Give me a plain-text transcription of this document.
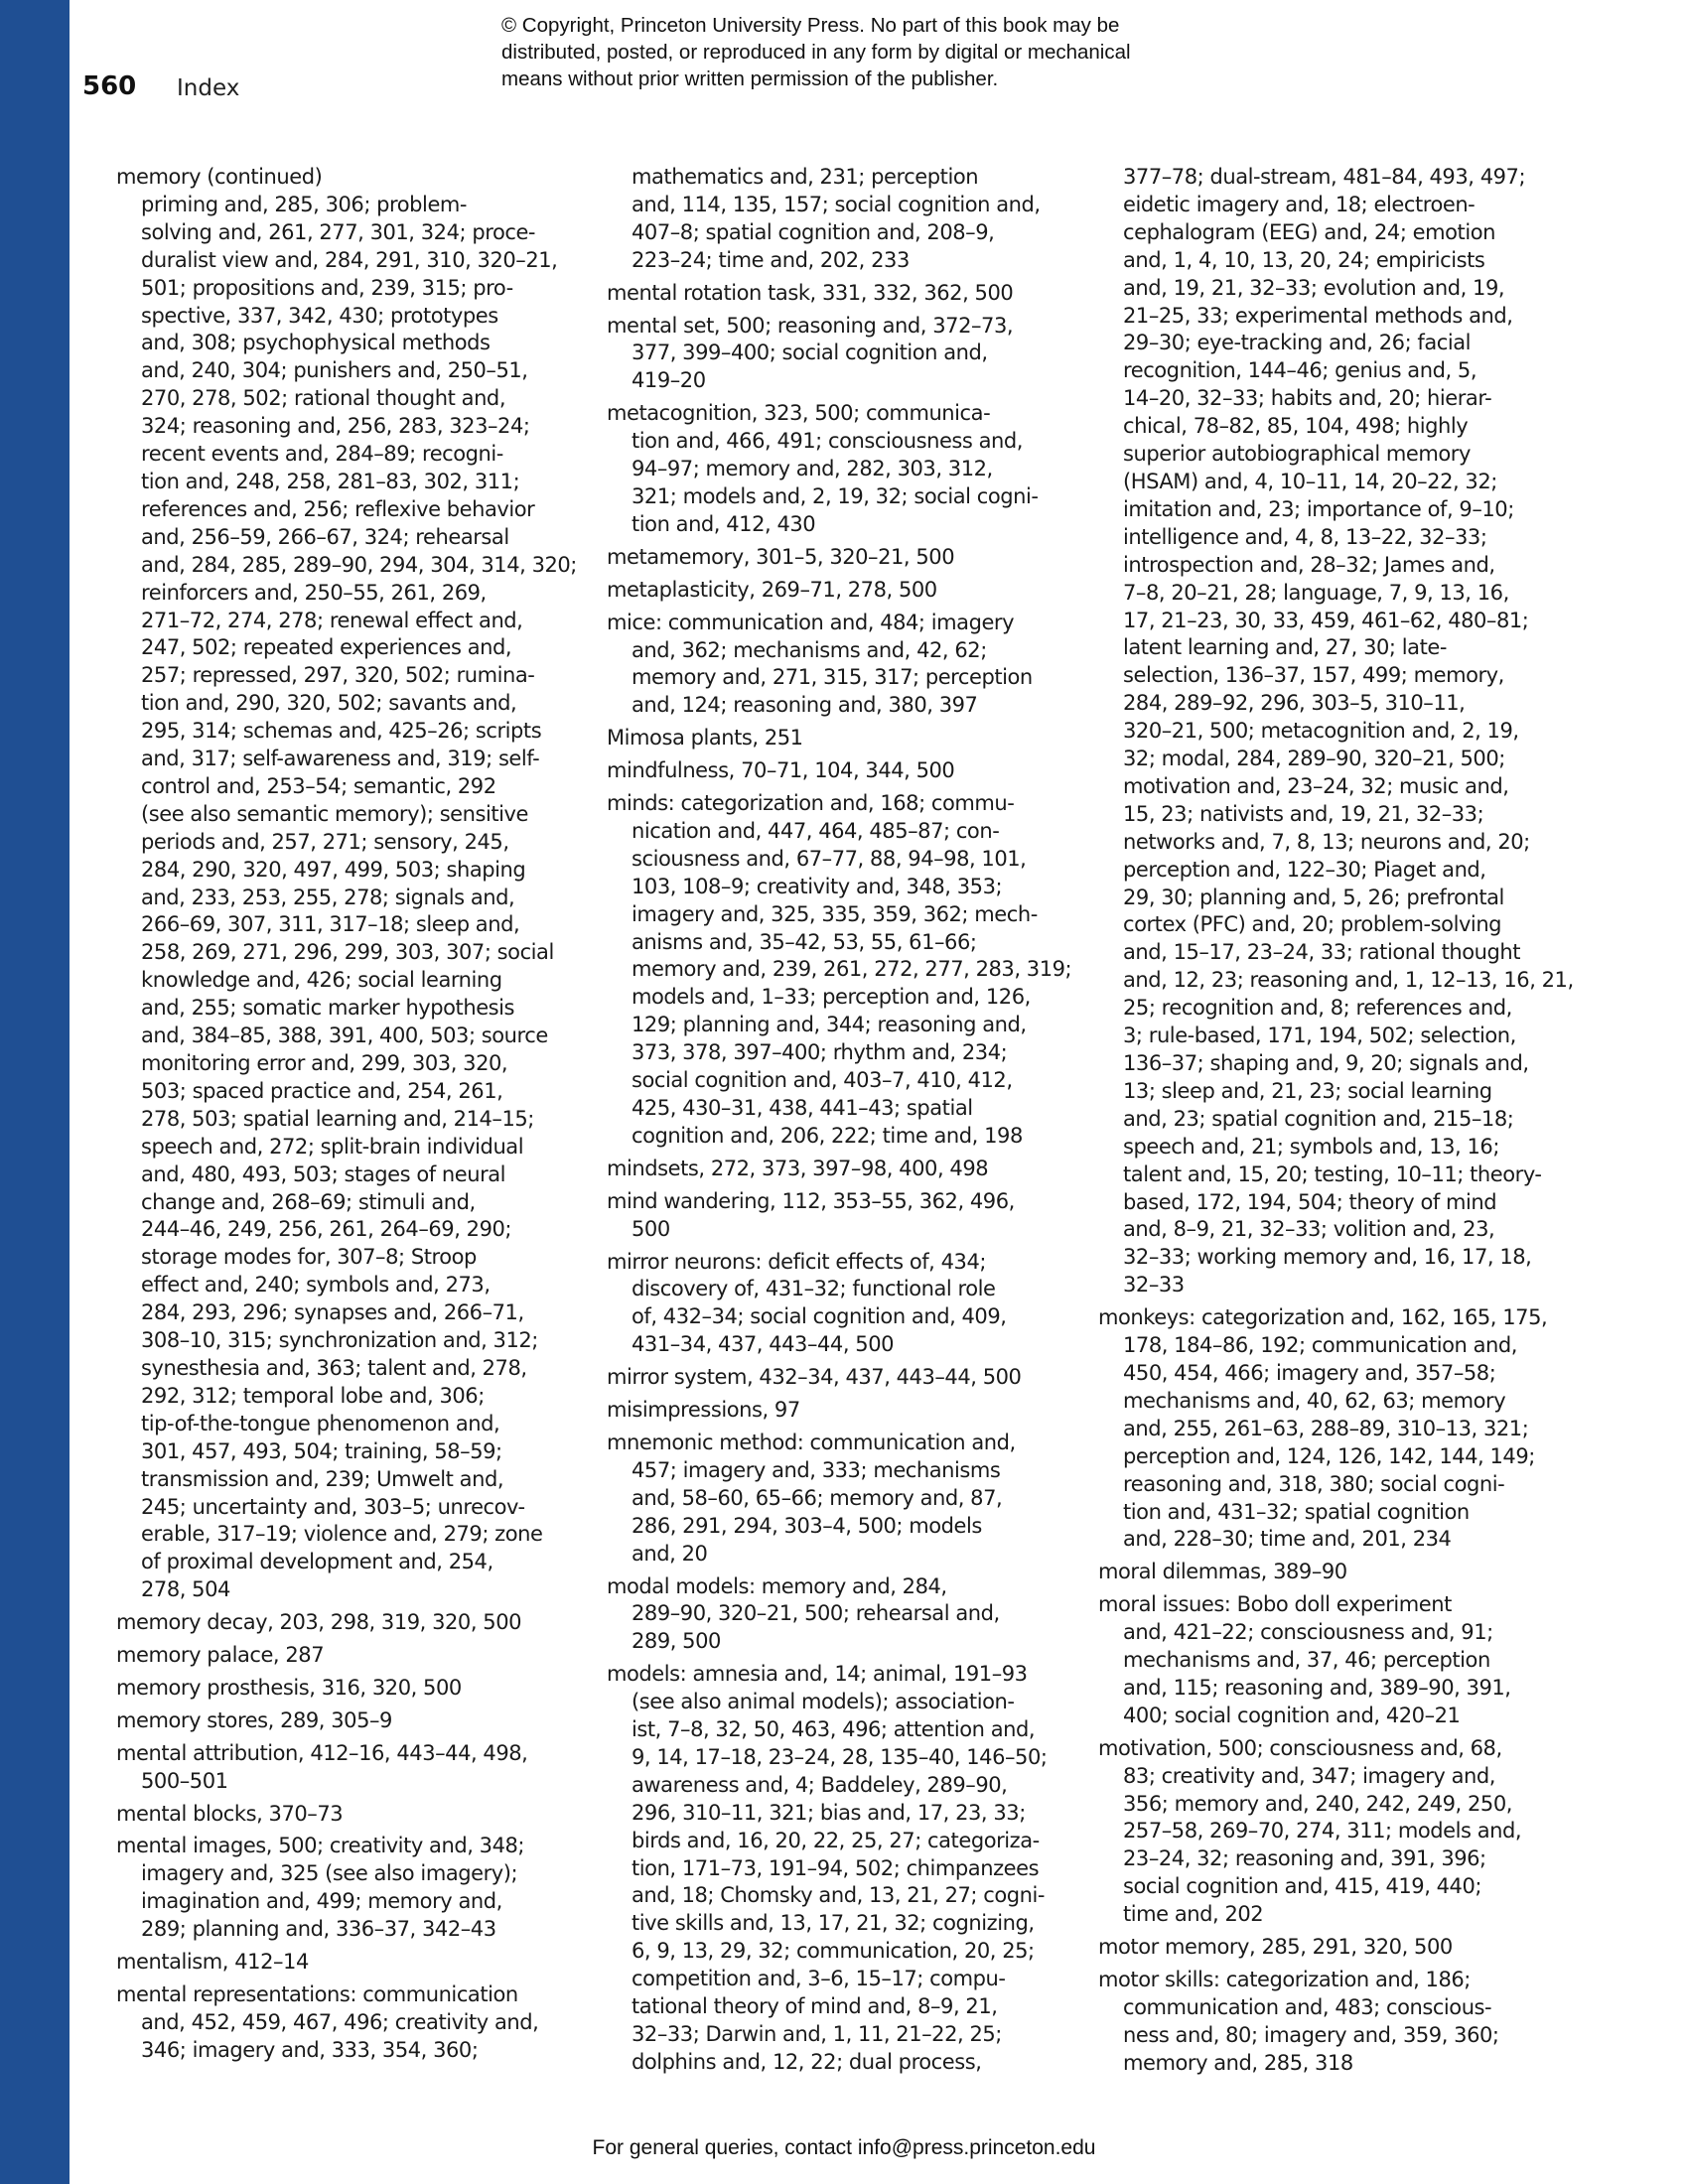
© Copyright, Princeton University Press. No part of this book may be
distributed, posted, or reproduced in any form by digital or mechanical
means without prior written permission of the publisher.
560 Index
memory (continued)
priming and, 285, 306; problem-
solving and, 261, 277, 301, 324; proce-
duralist view and, 284, 291, 310, 320–21,
501; propositions and, 239, 315; pro-
spective, 337, 342, 430; prototypes
and, 308; psychophysical methods
and, 240, 304; punishers and, 250–51,
270, 278, 502; rational thought and,
324; reasoning and, 256, 283, 323–24;
recent events and, 284–89; recogni-
tion and, 248, 258, 281–83, 302, 311;
references and, 256; reflexive behavior
and, 256–59, 266–67, 324; rehearsal
and, 284, 285, 289–90, 294, 304, 314, 320;
reinforcers and, 250–55, 261, 269,
271–72, 274, 278; renewal effect and,
247, 502; repeated experiences and,
257; repressed, 297, 320, 502; rumina-
tion and, 290, 320, 502; savants and,
295, 314; schemas and, 425–26; scripts
and, 317; self-awareness and, 319; self-
control and, 253–54; semantic, 292
(see also semantic memory); sensitive
periods and, 257, 271; sensory, 245,
284, 290, 320, 497, 499, 503; shaping
and, 233, 253, 255, 278; signals and,
266–69, 307, 311, 317–18; sleep and,
258, 269, 271, 296, 299, 303, 307; social
knowledge and, 426; social learning
and, 255; somatic marker hypothesis
and, 384–85, 388, 391, 400, 503; source
monitoring error and, 299, 303, 320,
503; spaced practice and, 254, 261,
278, 503; spatial learning and, 214–15;
speech and, 272; split-brain individual
and, 480, 493, 503; stages of neural
change and, 268–69; stimuli and,
244–46, 249, 256, 261, 264–69, 290;
storage modes for, 307–8; Stroop
effect and, 240; symbols and, 273,
284, 293, 296; synapses and, 266–71,
308–10, 315; synchronization and, 312;
synesthesia and, 363; talent and, 278,
292, 312; temporal lobe and, 306;
tip-of-the-tongue phenomenon and,
301, 457, 493, 504; training, 58–59;
transmission and, 239; Umwelt and,
245; uncertainty and, 303–5; unrecov-
erable, 317–19; violence and, 279; zone
of proximal development and, 254,
278, 504
memory decay, 203, 298, 319, 320, 500
memory palace, 287
memory prosthesis, 316, 320, 500
memory stores, 289, 305–9
mental attribution, 412–16, 443–44, 498,
500–501
mental blocks, 370–73
mental images, 500; creativity and, 348;
imagery and, 325 (see also imagery);
imagination and, 499; memory and,
289; planning and, 336–37, 342–43
mentalism, 412–14
mental representations: communication
and, 452, 459, 467, 496; creativity and,
346; imagery and, 333, 354, 360;
mathematics and, 231; perception
and, 114, 135, 157; social cognition and,
407–8; spatial cognition and, 208–9,
223–24; time and, 202, 233
mental rotation task, 331, 332, 362, 500
mental set, 500; reasoning and, 372–73,
377, 399–400; social cognition and,
419–20
metacognition, 323, 500; communica-
tion and, 466, 491; consciousness and,
94–97; memory and, 282, 303, 312,
321; models and, 2, 19, 32; social cogni-
tion and, 412, 430
metamemory, 301–5, 320–21, 500
metaplasticity, 269–71, 278, 500
mice: communication and, 484; imagery
and, 362; mechanisms and, 42, 62;
memory and, 271, 315, 317; perception
and, 124; reasoning and, 380, 397
Mimosa plants, 251
mindfulness, 70–71, 104, 344, 500
minds: categorization and, 168; commu-
nication and, 447, 464, 485–87; con-
sciousness and, 67–77, 88, 94–98, 101,
103, 108–9; creativity and, 348, 353;
imagery and, 325, 335, 359, 362; mech-
anisms and, 35–42, 53, 55, 61–66;
memory and, 239, 261, 272, 277, 283, 319;
models and, 1–33; perception and, 126,
129; planning and, 344; reasoning and,
373, 378, 397–400; rhythm and, 234;
social cognition and, 403–7, 410, 412,
425, 430–31, 438, 441–43; spatial
cognition and, 206, 222; time and, 198
mindsets, 272, 373, 397–98, 400, 498
mind wandering, 112, 353–55, 362, 496,
500
mirror neurons: deficit effects of, 434;
discovery of, 431–32; functional role
of, 432–34; social cognition and, 409,
431–34, 437, 443–44, 500
mirror system, 432–34, 437, 443–44, 500
misimpressions, 97
mnemonic method: communication and,
457; imagery and, 333; mechanisms
and, 58–60, 65–66; memory and, 87,
286, 291, 294, 303–4, 500; models
and, 20
modal models: memory and, 284,
289–90, 320–21, 500; rehearsal and,
289, 500
models: amnesia and, 14; animal, 191–93
(see also animal models); association-
ist, 7–8, 32, 50, 463, 496; attention and,
9, 14, 17–18, 23–24, 28, 135–40, 146–50;
awareness and, 4; Baddeley, 289–90,
296, 310–11, 321; bias and, 17, 23, 33;
birds and, 16, 20, 22, 25, 27; categoriza-
tion, 171–73, 191–94, 502; chimpanzees
and, 18; Chomsky and, 13, 21, 27; cogni-
tive skills and, 13, 17, 21, 32; cognizing,
6, 9, 13, 29, 32; communication, 20, 25;
competition and, 3–6, 15–17; compu-
tational theory of mind and, 8–9, 21,
32–33; Darwin and, 1, 11, 21–22, 25;
dolphins and, 12, 22; dual process,
377–78; dual-stream, 481–84, 493, 497;
eidetic imagery and, 18; electroen-
cephalogram (EEG) and, 24; emotion
and, 1, 4, 10, 13, 20, 24; empiricists
and, 19, 21, 32–33; evolution and, 19,
21–25, 33; experimental methods and,
29–30; eye-tracking and, 26; facial
recognition, 144–46; genius and, 5,
14–20, 32–33; habits and, 20; hierar-
chical, 78–82, 85, 104, 498; highly
superior autobiographical memory
(HSAM) and, 4, 10–11, 14, 20–22, 32;
imitation and, 23; importance of, 9–10;
intelligence and, 4, 8, 13–22, 32–33;
introspection and, 28–32; James and,
7–8, 20–21, 28; language, 7, 9, 13, 16,
17, 21–23, 30, 33, 459, 461–62, 480–81;
latent learning and, 27, 30; late-
selection, 136–37, 157, 499; memory,
284, 289–92, 296, 303–5, 310–11,
320–21, 500; metacognition and, 2, 19,
32; modal, 284, 289–90, 320–21, 500;
motivation and, 23–24, 32; music and,
15, 23; nativists and, 19, 21, 32–33;
networks and, 7, 8, 13; neurons and, 20;
perception and, 122–30; Piaget and,
29, 30; planning and, 5, 26; prefrontal
cortex (PFC) and, 20; problem-solving
and, 15–17, 23–24, 33; rational thought
and, 12, 23; reasoning and, 1, 12–13, 16, 21,
25; recognition and, 8; references and,
3; rule-based, 171, 194, 502; selection,
136–37; shaping and, 9, 20; signals and,
13; sleep and, 21, 23; social learning
and, 23; spatial cognition and, 215–18;
speech and, 21; symbols and, 13, 16;
talent and, 15, 20; testing, 10–11; theory-
based, 172, 194, 504; theory of mind
and, 8–9, 21, 32–33; volition and, 23,
32–33; working memory and, 16, 17, 18,
32–33
monkeys: categorization and, 162, 165, 175,
178, 184–86, 192; communication and,
450, 454, 466; imagery and, 357–58;
mechanisms and, 40, 62, 63; memory
and, 255, 261–63, 288–89, 310–13, 321;
perception and, 124, 126, 142, 144, 149;
reasoning and, 318, 380; social cogni-
tion and, 431–32; spatial cognition
and, 228–30; time and, 201, 234
moral dilemmas, 389–90
moral issues: Bobo doll experiment
and, 421–22; consciousness and, 91;
mechanisms and, 37, 46; perception
and, 115; reasoning and, 389–90, 391,
400; social cognition and, 420–21
motivation, 500; consciousness and, 68,
83; creativity and, 347; imagery and,
356; memory and, 240, 242, 249, 250,
257–58, 269–70, 274, 311; models and,
23–24, 32; reasoning and, 391, 396;
social cognition and, 415, 419, 440;
time and, 202
motor memory, 285, 291, 320, 500
motor skills: categorization and, 186;
communication and, 483; conscious-
ness and, 80; imagery and, 359, 360;
memory and, 285, 318
For general queries, contact info@press.princeton.edu
